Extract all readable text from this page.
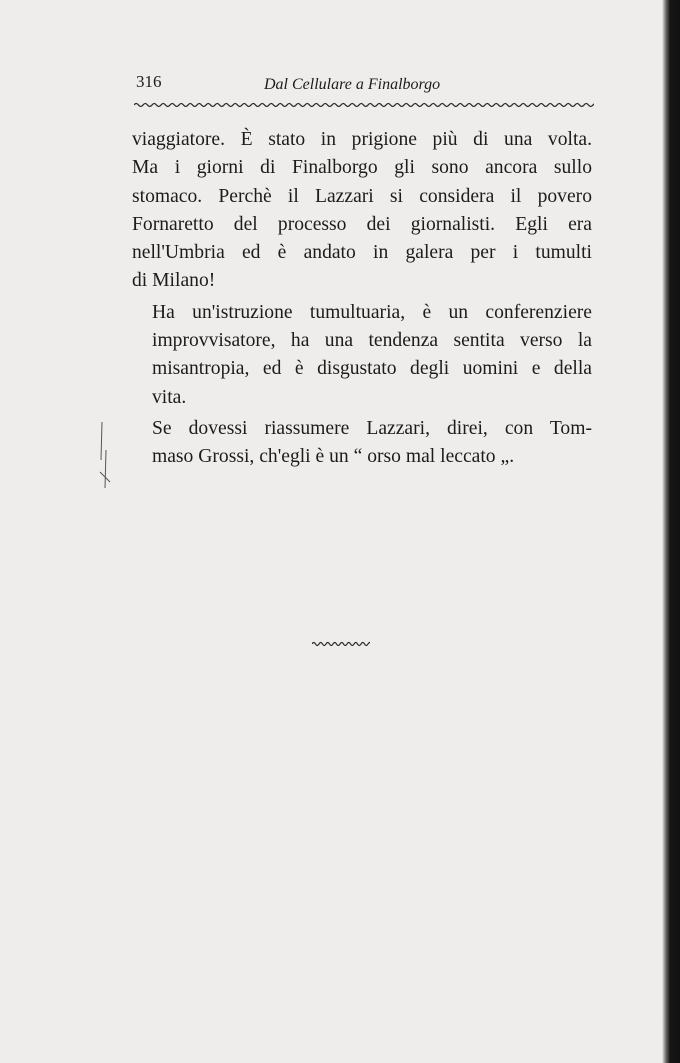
316	Dal Cellulare a Finalborgo

viaggiatore. È stato in prigione più di una volta.
Ma i giorni di Finalborgo gli sono ancora sullo
stomaco. Perchè il Lazzari si considera il povero
Fornaretto del processo dei giornalisti. Egli era
nell'Umbria ed è andato in galera per i tumulti
di Milano!

Ha un'istruzione tumultuaria, è un conferenziere
improvvisatore, ha una tendenza sentita verso la
misantropia, ed è disgustato degli uomini e della
vita.

Se dovessi riassumere Lazzari, direi, con Tom-
maso Grossi, ch'egli è un “ orso mal leccato „.
